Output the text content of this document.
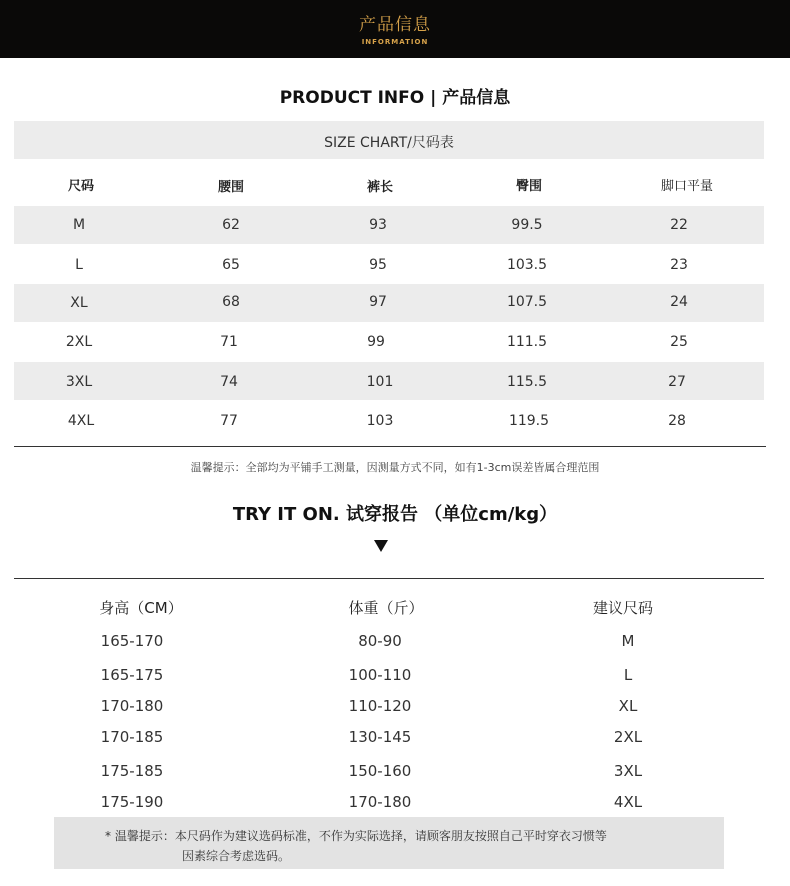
产品信息
INFORMATION
PRODUCT INFO | 产品信息
SIZE CHART/尺码表
尺码	腰围	裤长	臀围	脚口平量
M	62	93	99.5	22
L	65	95	103.5	23
XL	68	97	107.5	24
2XL	71	99	111.5	25
3XL	74	101	115.5	27
4XL	77	103	119.5	28
温馨提示：全部均为平铺手工测量，因测量方式不同，如有1-3cm误差皆属合理范围
TRY IT ON. 试穿报告 （单位cm/kg）
身高（CM）	体重（斤）	建议尺码
165-170	80-90	M
165-175	100-110	L
170-180	110-120	XL
170-185	130-145	2XL
175-185	150-160	3XL
175-190	170-180	4XL
* 温馨提示：本尺码作为建议选码标准，不作为实际选择，请顾客朋友按照自己平时穿衣习惯等
因素综合考虑选码。
